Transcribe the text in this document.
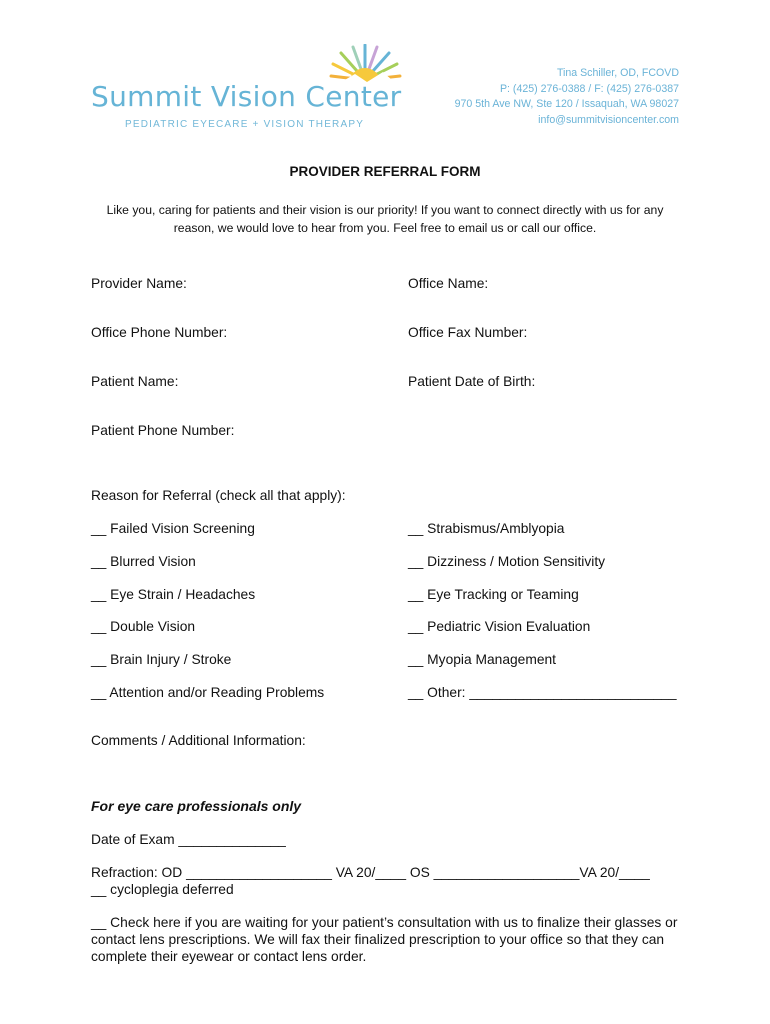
Summit Vision Center
PEDIATRIC EYECARE + VISION THERAPY
Tina Schiller, OD, FCOVD
P: (425) 276-0388 / F: (425) 276-0387
970 5th Ave NW, Ste 120 / Issaquah, WA 98027
info@summitvisioncenter.com
PROVIDER REFERRAL FORM
Like you, caring for patients and their vision is our priority! If you want to connect directly with us for any reason, we would love to hear from you. Feel free to email us or call our office.
Provider Name:	Office Name:
Office Phone Number:	Office Fax Number:
Patient Name:	Patient Date of Birth:
Patient Phone Number:
Reason for Referral (check all that apply):
__ Failed Vision Screening
__ Blurred Vision
__ Eye Strain / Headaches
__ Double Vision
__ Brain Injury / Stroke
__ Attention and/or Reading Problems
__ Strabismus/Amblyopia
__ Dizziness / Motion Sensitivity
__ Eye Tracking or Teaming
__ Pediatric Vision Evaluation
__ Myopia Management
__ Other: ___________________________
Comments / Additional Information:
For eye care professionals only
Date of Exam ______________
Refraction: OD ___________________ VA 20/____ OS ___________________VA 20/____
__ cycloplegia deferred
__ Check here if you are waiting for your patient’s consultation with us to finalize their glasses or contact lens prescriptions. We will fax their finalized prescription to your office so that they can complete their eyewear or contact lens order.
